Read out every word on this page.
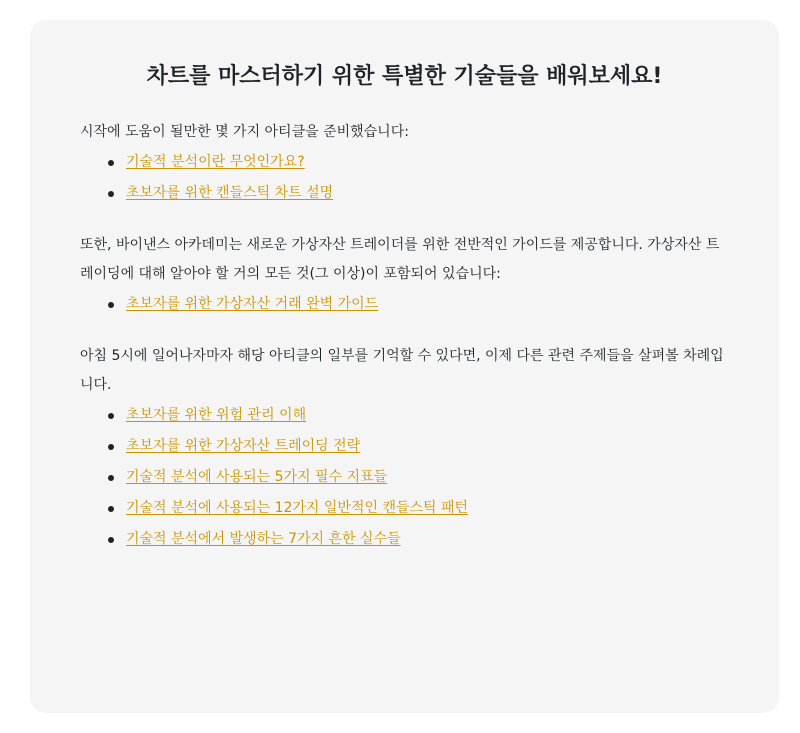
차트를 마스터하기 위한 특별한 기술들을 배워보세요!

시작에 도움이 될만한 몇 가지 아티클을 준비했습니다:

기술적 분석이란 무엇인가요?
초보자를 위한 캔들스틱 차트 설명

또한, 바이낸스 아카데미는 새로운 가상자산 트레이더를 위한 전반적인 가이드를 제공합니다. 가상자산 트레이딩에 대해 알아야 할 거의 모든 것(그 이상)이 포함되어 있습니다:

초보자를 위한 가상자산 거래 완벽 가이드

아침 5시에 일어나자마자 해당 아티클의 일부를 기억할 수 있다면, 이제 다른 관련 주제들을 살펴볼 차례입니다.

초보자를 위한 위험 관리 이해
초보자를 위한 가상자산 트레이딩 전략
기술적 분석에 사용되는 5가지 필수 지표들
기술적 분석에 사용되는 12가지 일반적인 캔들스틱 패턴
기술적 분석에서 발생하는 7가지 흔한 실수들
